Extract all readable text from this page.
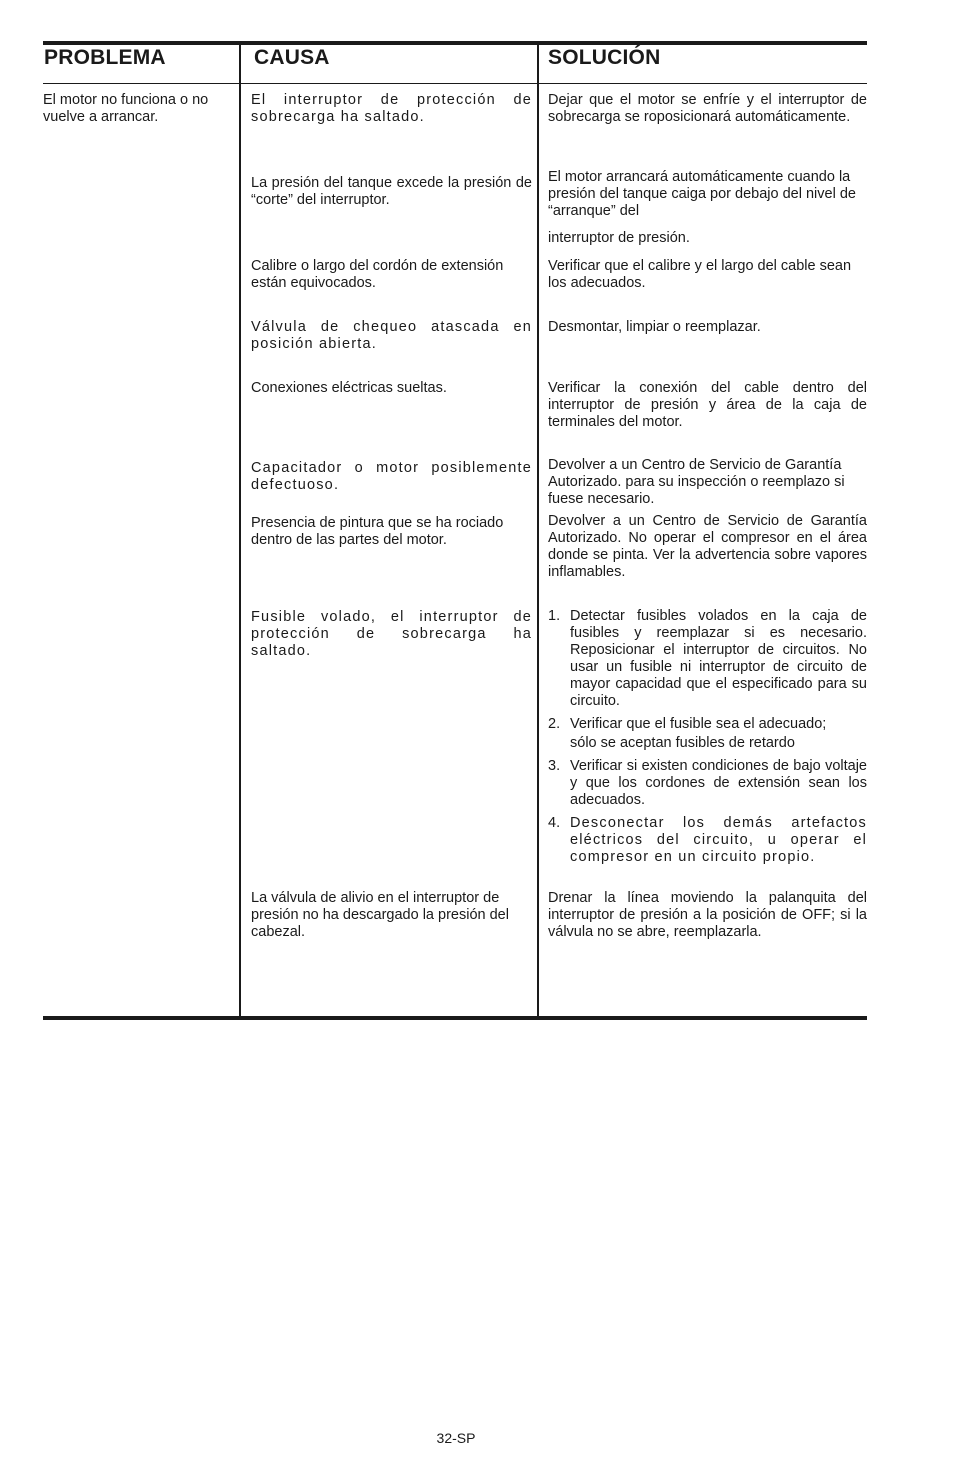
PROBLEMA	CAUSA	SOLUCIÓN

El motor no funciona o no vuelve a arrancar.

El interruptor de protección de sobrecarga ha saltado.

La presión del tanque excede la presión de “corte” del interruptor.

Calibre o largo del cordón de extensión están equivocados.

Válvula de chequeo atascada en posición abierta.

Conexiones eléctricas sueltas.

Capacitador o motor posiblemente defectuoso.

Presencia de pintura que se ha rociado dentro de las partes del motor.

Fusible volado, el interruptor de protección de sobrecarga ha saltado.

La válvula de alivio en el interruptor de presión no ha descargado la presión del cabezal.

Dejar que el motor se enfríe y el interruptor de sobrecarga se roposicionará automáticamente.

El motor arrancará automáticamente cuando la presión del tanque caiga por debajo del nivel de “arranque” del

interruptor de presión.

Verificar que el calibre y el largo del cable sean los adecuados.

Desmontar, limpiar o reemplazar.

Verificar la conexión del cable dentro del interruptor de presión y área de la caja de terminales del motor.

Devolver a un Centro de Servicio de Garantía Autorizado. para su inspección o reemplazo si fuese necesario.

Devolver a un Centro de Servicio de Garantía Autorizado. No operar el compresor en el área donde se pinta. Ver la advertencia sobre vapores inflamables.

1. Detectar fusibles volados en la caja de fusibles y reemplazar si es necesario. Reposicionar el interruptor de circuitos. No usar un fusible ni interruptor de circuito de mayor capacidad que el especificado para su circuito.
2. Verificar que el fusible sea el adecuado;
sólo se aceptan fusibles de retardo
3. Verificar si existen condiciones de bajo voltaje y que los cordones de extensión sean los adecuados.
4. Desconectar los demás artefactos eléctricos del circuito, u operar el compresor en un circuito propio.

Drenar la línea moviendo la palanquita del interruptor de presión a la posición de OFF; si la válvula no se abre, reemplazarla.

32-SP
